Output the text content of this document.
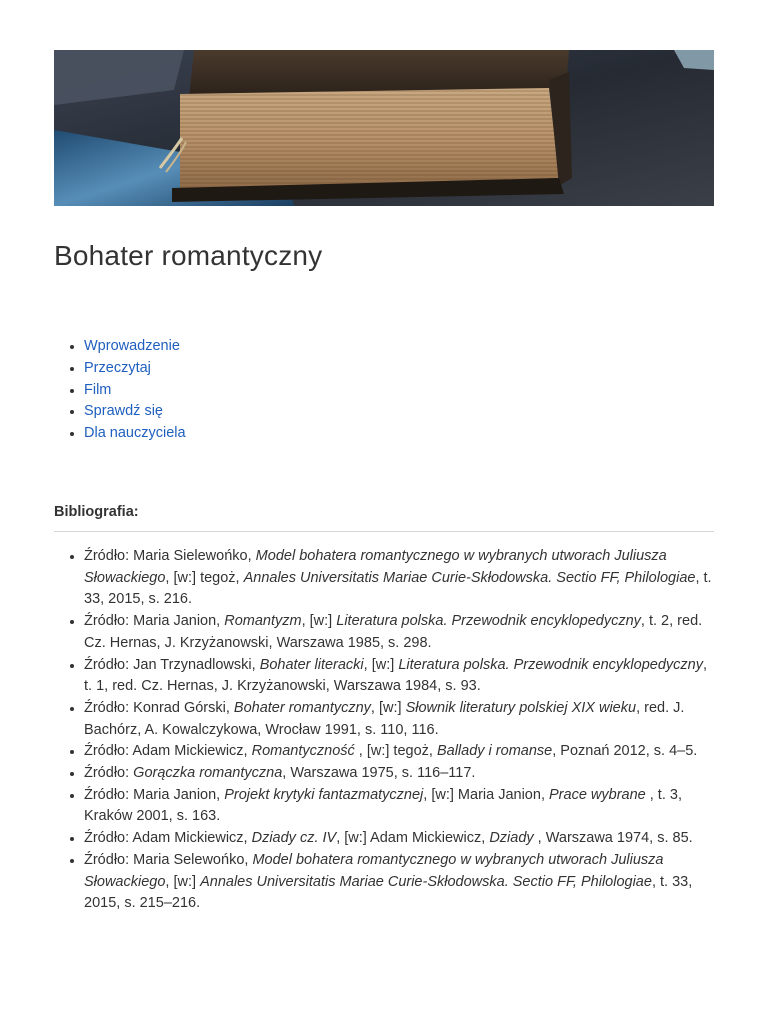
Bohater romantyczny
Wprowadzenie
Przeczytaj
Film
Sprawdź się
Dla nauczyciela
Bibliografia:
Źródło: Maria Sielewońko, Model bohatera romantycznego w wybranych utworach Juliusza Słowackiego, [w:] tegoż, Annales Universitatis Mariae Curie-Skłodowska. Sectio FF, Philologiae, t. 33, 2015, s. 216.
Źródło: Maria Janion, Romantyzm, [w:] Literatura polska. Przewodnik encyklopedyczny, t. 2, red. Cz. Hernas, J. Krzyżanowski, Warszawa 1985, s. 298.
Źródło: Jan Trzynadlowski, Bohater literacki, [w:] Literatura polska. Przewodnik encyklopedyczny, t. 1, red. Cz. Hernas, J. Krzyżanowski, Warszawa 1984, s. 93.
Źródło: Konrad Górski, Bohater romantyczny, [w:] Słownik literatury polskiej XIX wieku, red. J. Bachórz, A. Kowalczykowa, Wrocław 1991, s. 110, 116.
Źródło: Adam Mickiewicz, Romantyczność , [w:] tegoż, Ballady i romanse, Poznań 2012, s. 4–5.
Źródło: Gorączka romantyczna, Warszawa 1975, s. 116–117.
Źródło: Maria Janion, Projekt krytyki fantazmatycznej, [w:] Maria Janion, Prace wybrane , t. 3, Kraków 2001, s. 163.
Źródło: Adam Mickiewicz, Dziady cz. IV, [w:] Adam Mickiewicz, Dziady , Warszawa 1974, s. 85.
Źródło: Maria Selewońko, Model bohatera romantycznego w wybranych utworach Juliusza Słowackiego, [w:] Annales Universitatis Mariae Curie-Skłodowska. Sectio FF, Philologiae, t. 33, 2015, s. 215–216.
